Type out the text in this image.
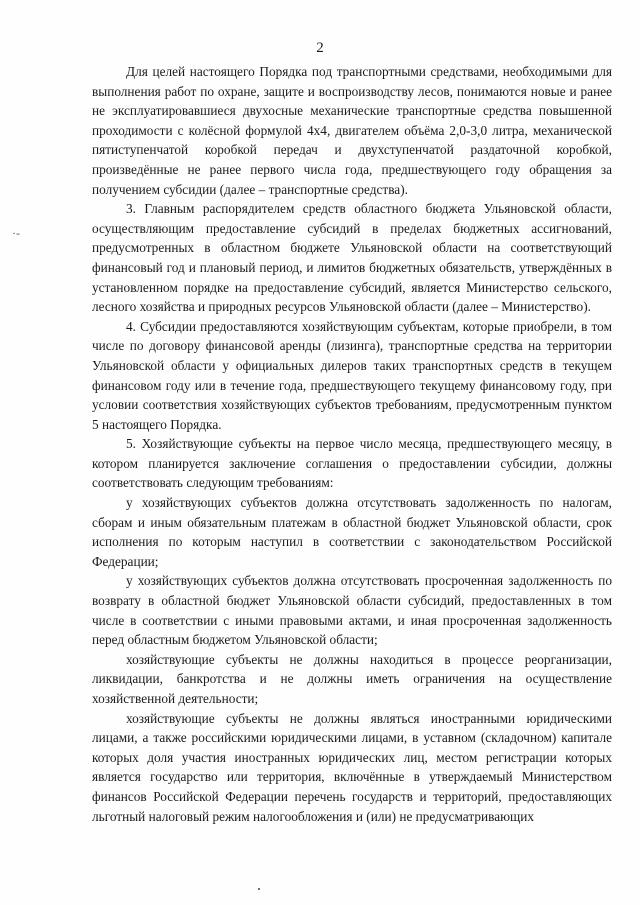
2
·-

Для целей настоящего Порядка под транспортными средствами, необходимыми для выполнения работ по охране, защите и воспроизводству лесов, понимаются новые и ранее не эксплуатировавшиеся двухосные механические транспортные средства повышенной проходимости с колёсной формулой 4х4, двигателем объёма 2,0-3,0 литра, механической пятиступенчатой коробкой передач и двухступенчатой раздаточной коробкой, произведённые не ранее первого числа года, предшествующего году обращения за получением субсидии (далее – транспортные средства).

3. Главным распорядителем средств областного бюджета Ульяновской области, осуществляющим предоставление субсидий в пределах бюджетных ассигнований, предусмотренных в областном бюджете Ульяновской области на соответствующий финансовый год и плановый период, и лимитов бюджетных обязательств, утверждённых в установленном порядке на предоставление субсидий, является Министерство сельского, лесного хозяйства и природных ресурсов Ульяновской области (далее – Министерство).

4. Субсидии предоставляются хозяйствующим субъектам, которые приобрели, в том числе по договору финансовой аренды (лизинга), транспортные средства на территории Ульяновской области у официальных дилеров таких транспортных средств в текущем финансовом году или в течение года, предшествующего текущему финансовому году, при условии соответствия хозяйствующих субъектов требованиям, предусмотренным пунктом 5 настоящего Порядка.

5. Хозяйствующие субъекты на первое число месяца, предшествующего месяцу, в котором планируется заключение соглашения о предоставлении субсидии, должны соответствовать следующим требованиям:

у хозяйствующих субъектов должна отсутствовать задолженность по налогам, сборам и иным обязательным платежам в областной бюджет Ульяновской области, срок исполнения по которым наступил в соответствии с законодательством Российской Федерации;

у хозяйствующих субъектов должна отсутствовать просроченная задолженность по возврату в областной бюджет Ульяновской области субсидий, предоставленных в том числе в соответствии с иными правовыми актами, и иная просроченная задолженность перед областным бюджетом Ульяновской области;

хозяйствующие субъекты не должны находиться в процессе реорганизации, ликвидации, банкротства и не должны иметь ограничения на осуществление хозяйственной деятельности;

хозяйствующие субъекты не должны являться иностранными юридическими лицами, а также российскими юридическими лицами, в уставном (складочном) капитале которых доля участия иностранных юридических лиц, местом регистрации которых является государство или территория, включённые в утверждаемый Министерством финансов Российской Федерации перечень государств и территорий, предоставляющих льготный налоговый режим налогообложения и (или) не предусматривающих
